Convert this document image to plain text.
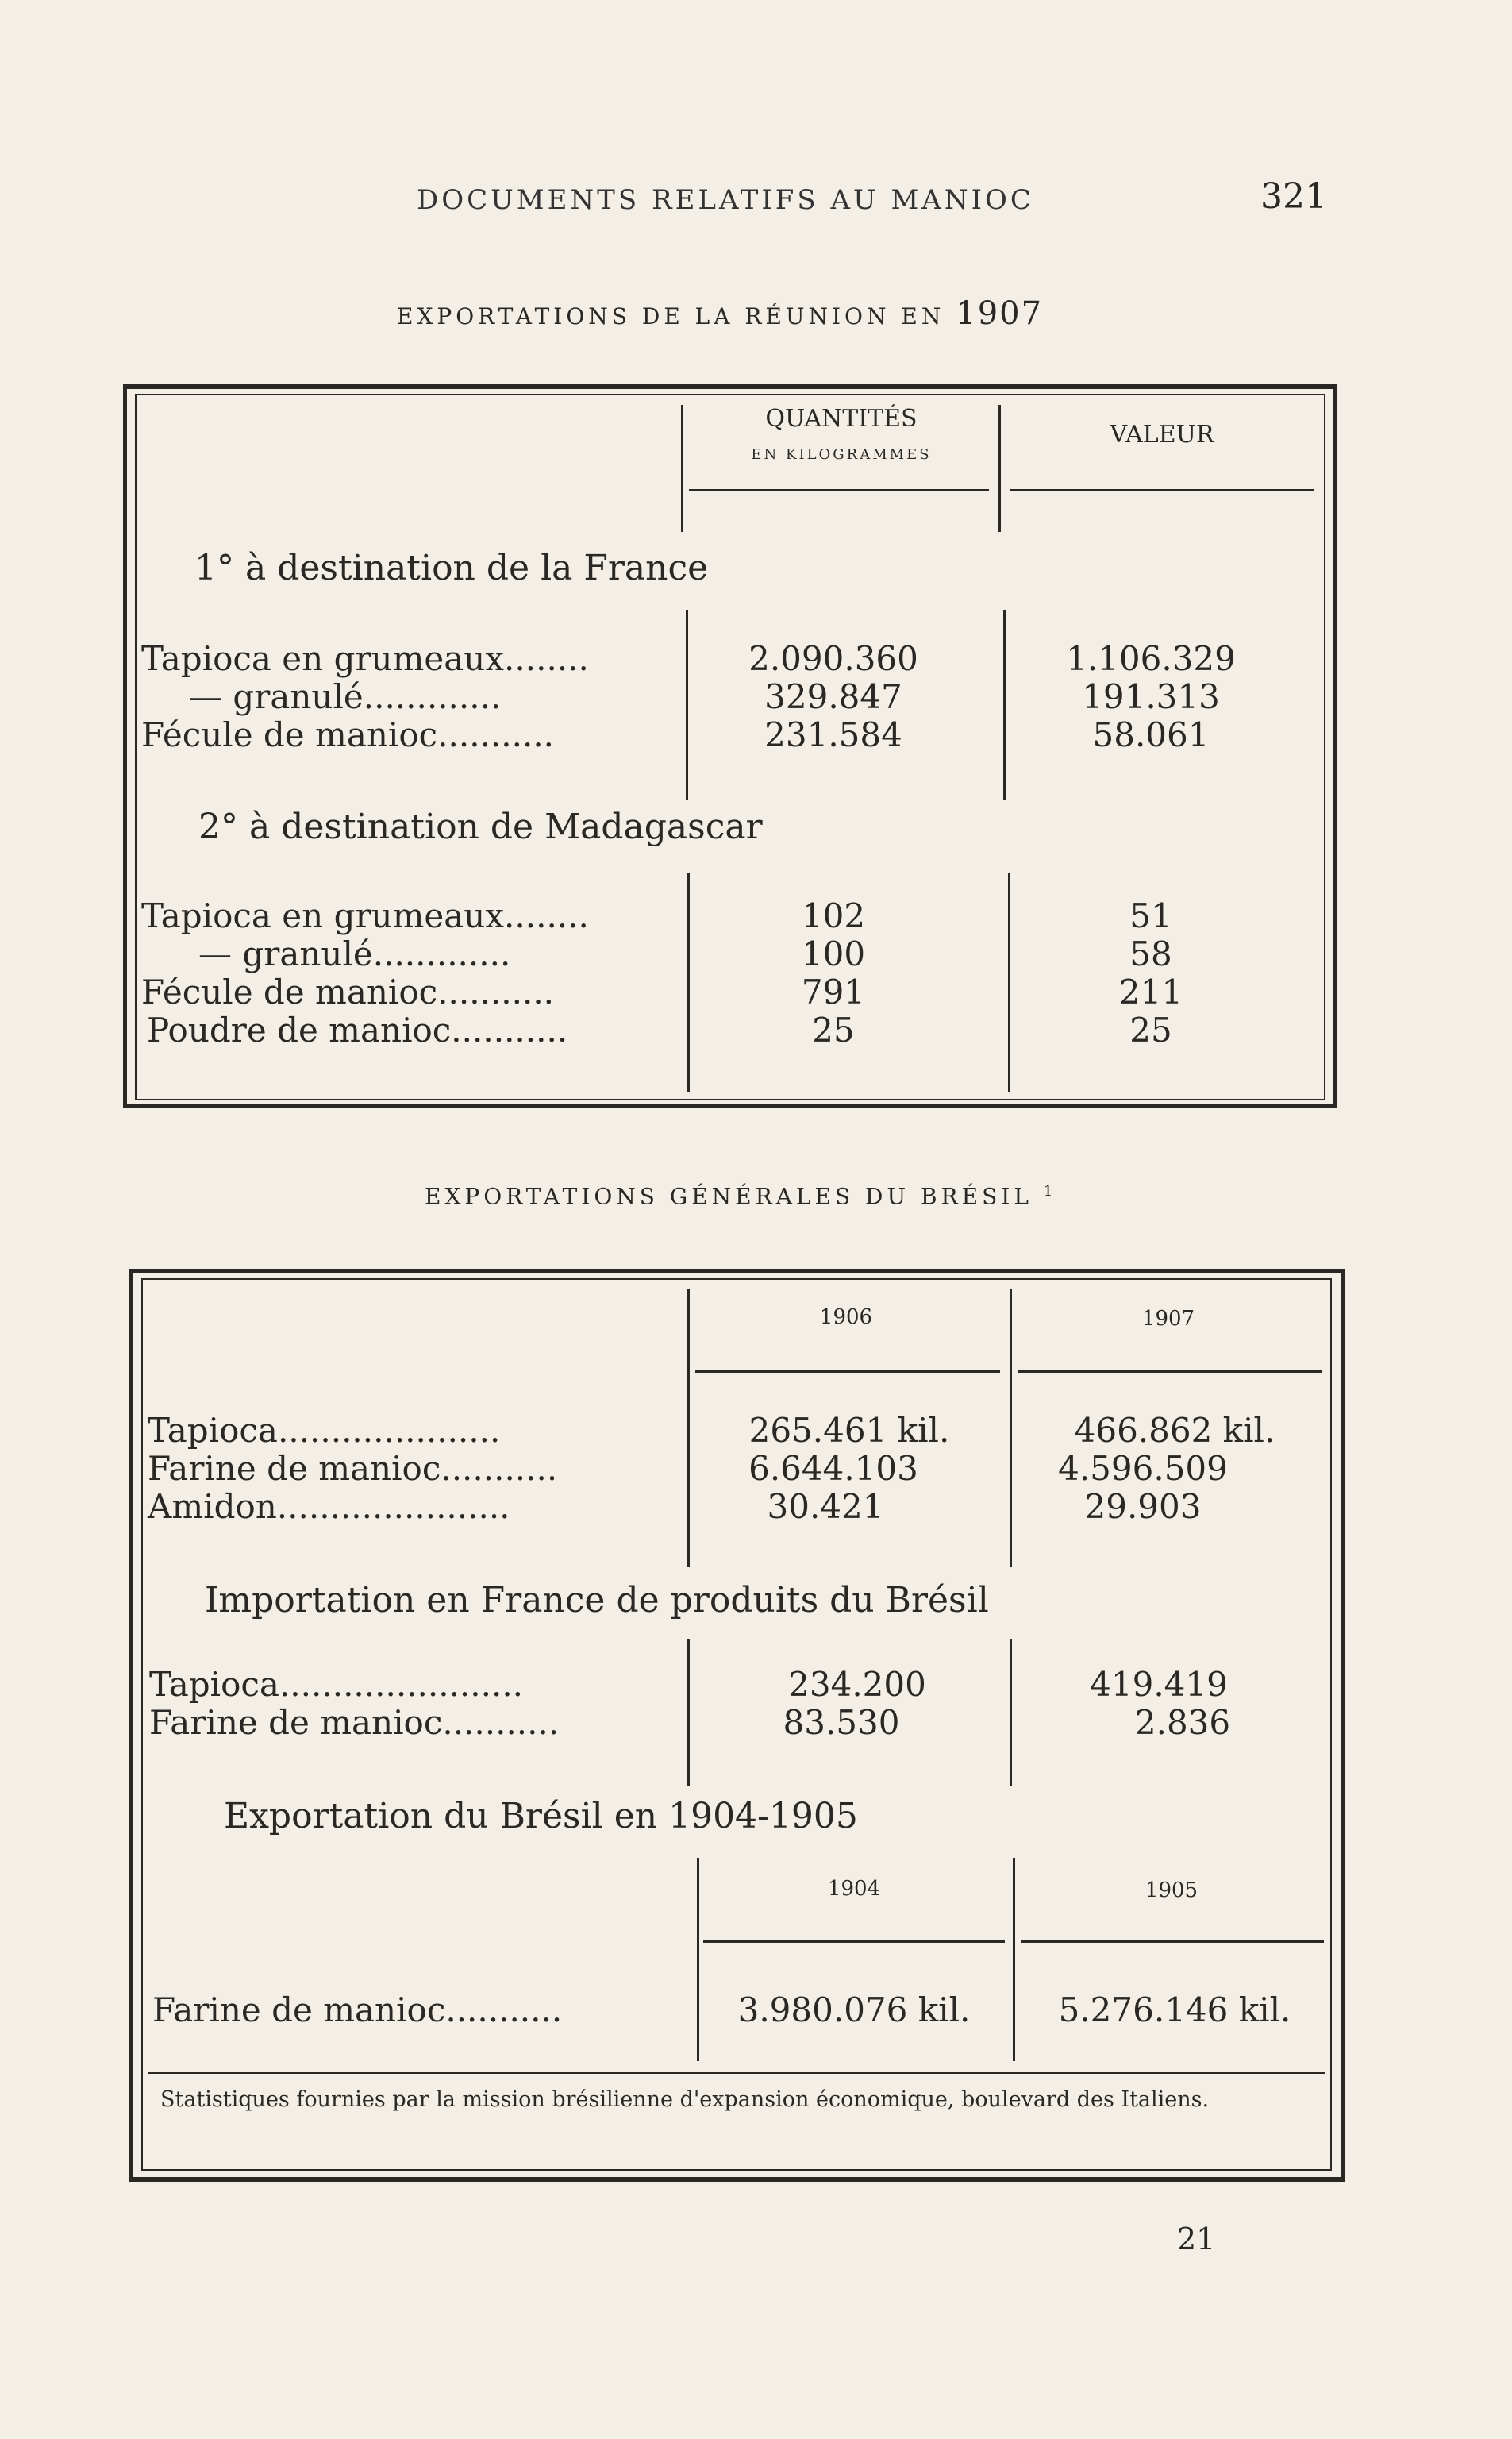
DOCUMENTS RELATIFS AU MANIOC	321
EXPORTATIONS DE LA RÉUNION EN 1907
QUANTITÉS
EN KILOGRAMMES
VALEUR
1° à destination de la France
Tapioca en grumeaux........	2.090.360	1.106.329
— granulé.............	329.847	191.313
Fécule de manioc...........	231.584	58.061
2° à destination de Madagascar
Tapioca en grumeaux........	102	51
— granulé.............	100	58
Fécule de manioc...........	791	211
Poudre de manioc...........	25	25
EXPORTATIONS GÉNÉRALES DU BRÉSIL $^1$
1906	1907
Tapioca.....................	265.461 kil.	466.862 kil.
Farine de manioc...........	6.644.103	4.596.509
Amidon......................	30.421	29.903
Importation en France de produits du Brésil
Tapioca.......................	234.200	419.419
Farine de manioc...........	83.530	2.836
Exportation du Brésil en 1904-1905
1904	1905
Farine de manioc...........	3.980.076 kil.	5.276.146 kil.
Statistiques fournies par la mission brésilienne d'expansion économique, boulevard des Italiens.
21
